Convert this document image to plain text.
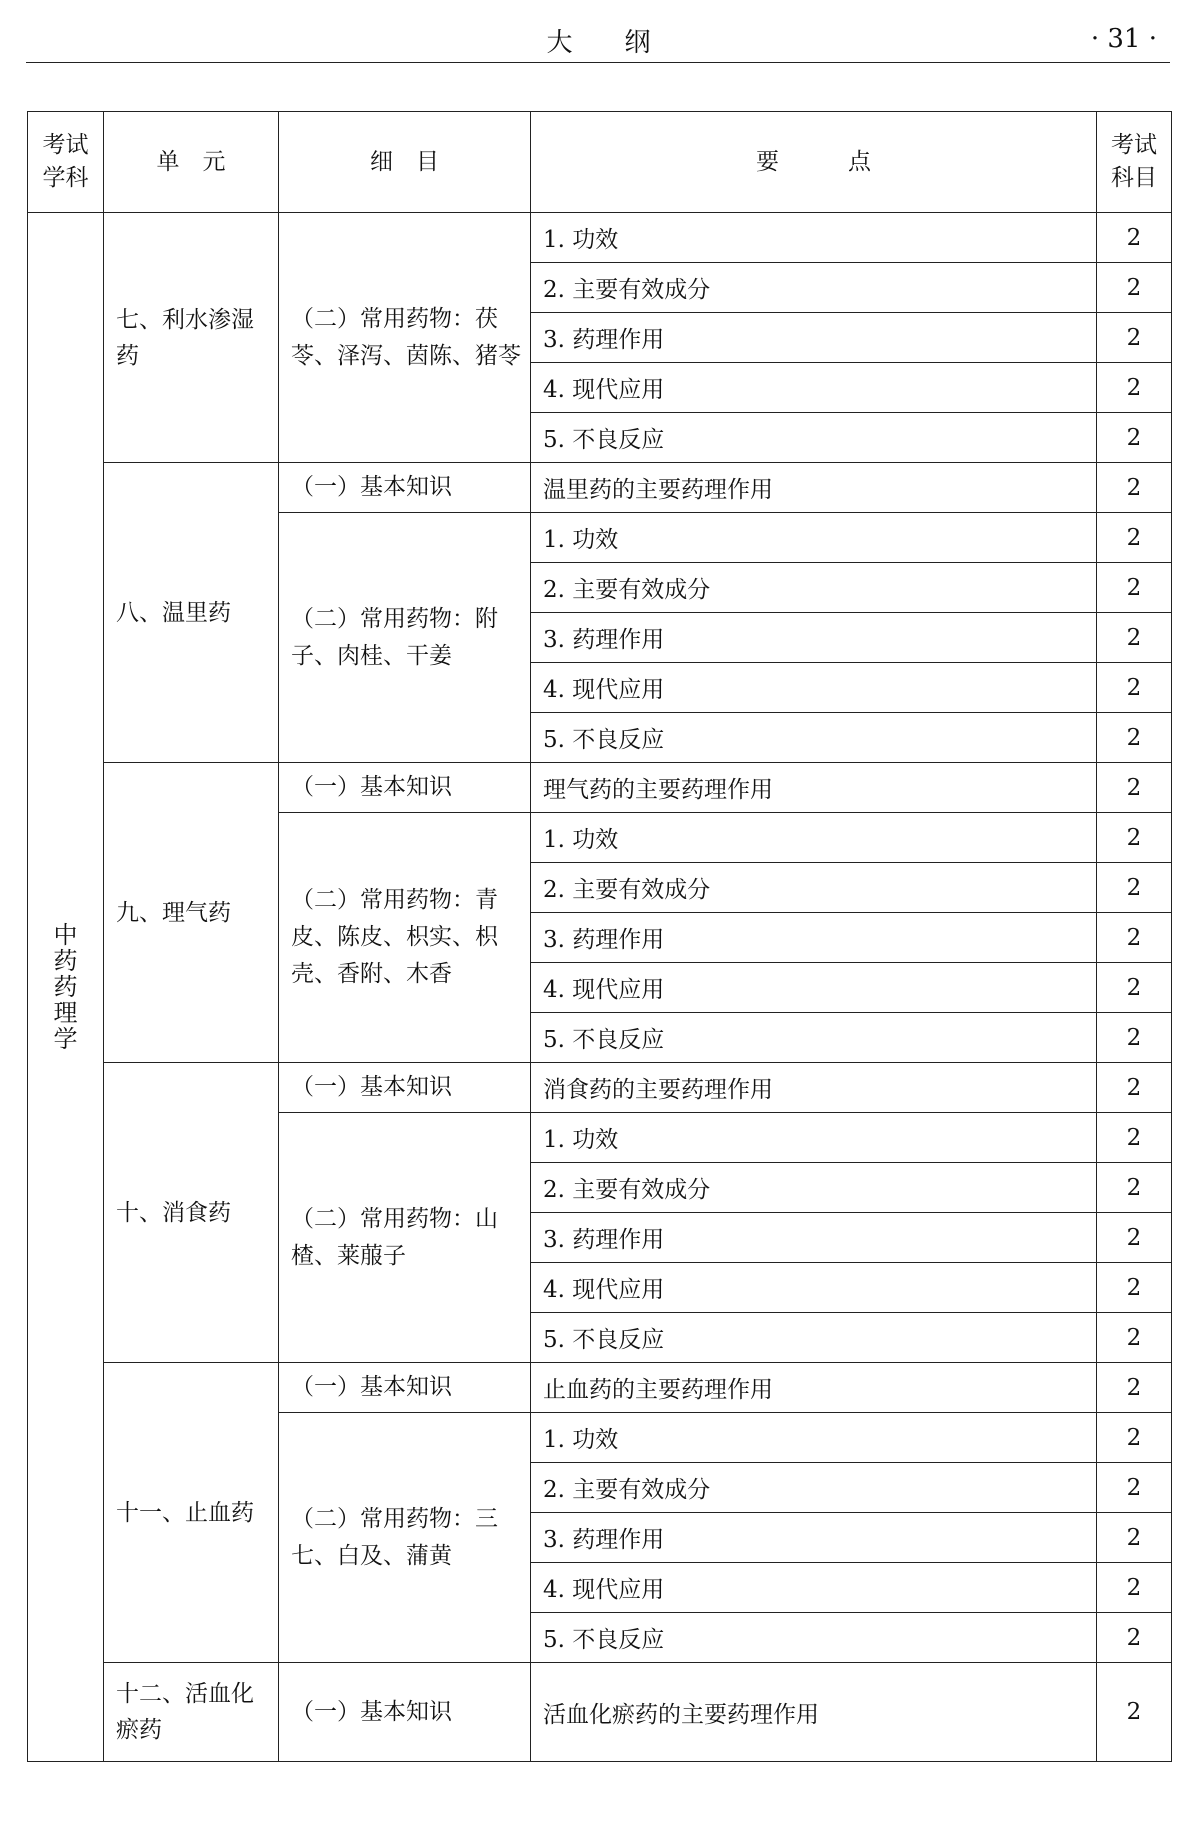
大　　纲	· 31 ·
考试学科	单　元	细　目	要　　　点	考试科目
中药药理学	七、利水渗湿药	（二）常用药物：茯苓、泽泻、茵陈、猪苓	1. 功效	2
			2. 主要有效成分	2
			3. 药理作用	2
			4. 现代应用	2
			5. 不良反应	2
	八、温里药	（一）基本知识	温里药的主要药理作用	2
		（二）常用药物：附子、肉桂、干姜	1. 功效	2
			2. 主要有效成分	2
			3. 药理作用	2
			4. 现代应用	2
			5. 不良反应	2
	九、理气药	（一）基本知识	理气药的主要药理作用	2
		（二）常用药物：青皮、陈皮、枳实、枳壳、香附、木香	1. 功效	2
			2. 主要有效成分	2
			3. 药理作用	2
			4. 现代应用	2
			5. 不良反应	2
	十、消食药	（一）基本知识	消食药的主要药理作用	2
		（二）常用药物：山楂、莱菔子	1. 功效	2
			2. 主要有效成分	2
			3. 药理作用	2
			4. 现代应用	2
			5. 不良反应	2
	十一、止血药	（一）基本知识	止血药的主要药理作用	2
		（二）常用药物：三七、白及、蒲黄	1. 功效	2
			2. 主要有效成分	2
			3. 药理作用	2
			4. 现代应用	2
			5. 不良反应	2
	十二、活血化瘀药	（一）基本知识	活血化瘀药的主要药理作用	2
